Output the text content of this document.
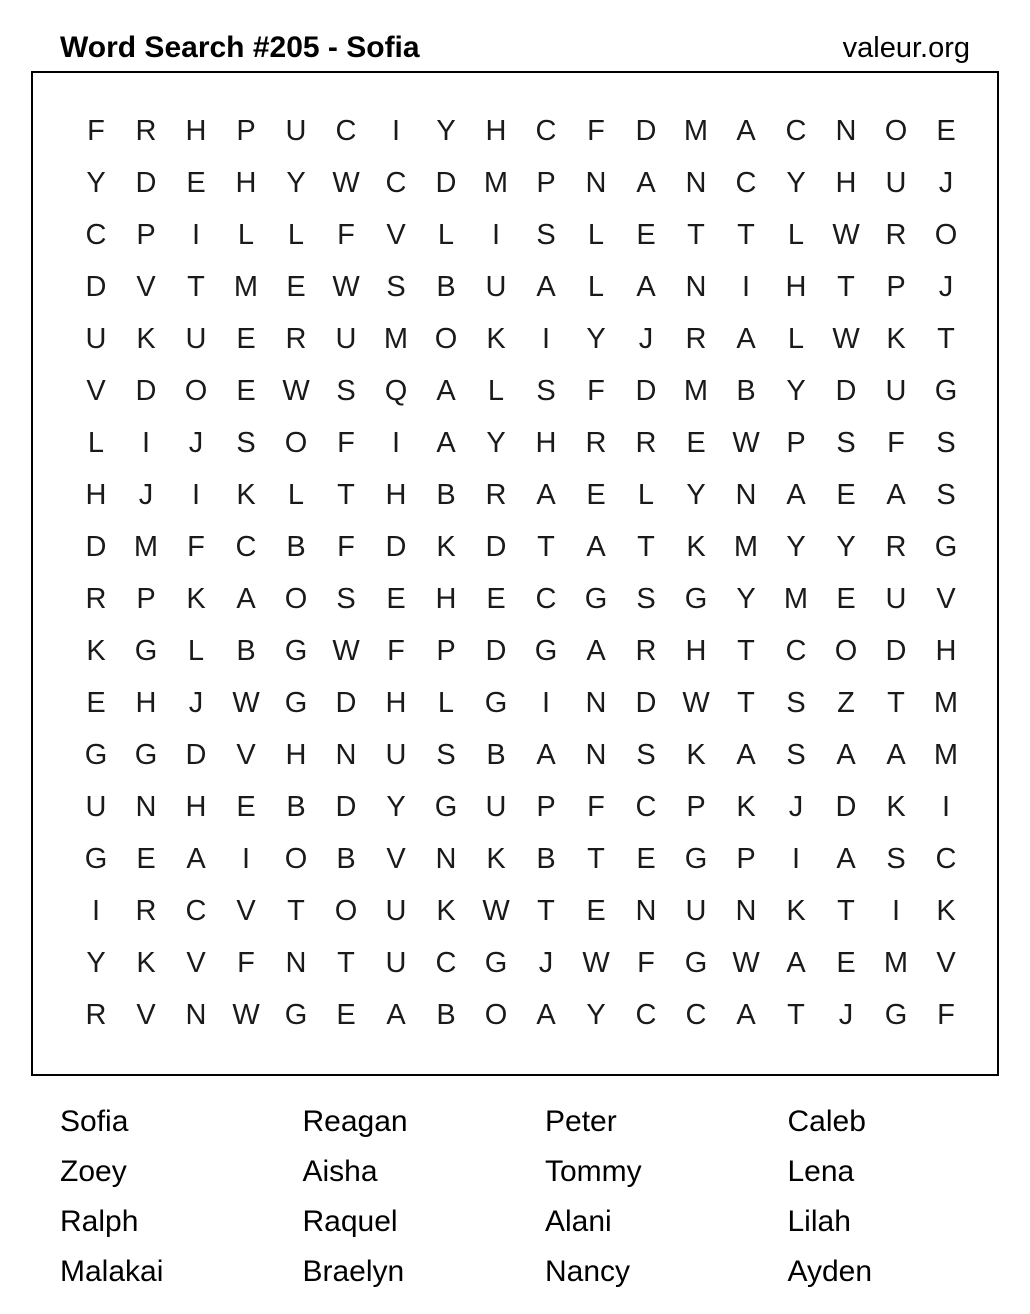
Word Search #205 - Sofia	valeur.org
F	R	H	P	U	C	I	Y	H	C	F	D M A	C	N O	E
Y	D	E	H	Y W C	D M P	N	A	N	C	Y	H	U	J
C	P	I	L	L	F	V	L	I	S	L	E	T	T	L W R O
D	V	T	M E W S	B	U	A	L	A	N	I	H	T	P	J
U	K	U	E	R	U M O	K	I	Y	J	R	A	L W K	T
V	D O	E W S	Q	A	L	S	F	D M B	Y	D	U G
L	I	J	S	O	F	I	A	Y	H	R	R	E W P	S	F	S
H	J	I	K	L	T	H	B	R	A	E	L	Y	N	A	E	A	S
D M	F	C	B	F	D	K	D	T	A	T	K M Y	Y	R G
R	P	K	A	O	S	E	H	E	C G	S	G	Y M E	U	V
K	G	L	B	G W F	P	D G	A	R	H	T	C O D	H
E	H	J	W G D	H	L	G	I	N	D W T	S	Z	T	M
G G D	V	H	N	U	S	B	A	N	S	K	A	S	A	A M
U	N	H	E	B	D	Y	G U	P	F	C	P	K	J	D	K	I
G	E	A	I	O	B	V	N	K	B	T	E	G	P	I	A	S	C
I	R	C	V	T	O U	K W T	E	N	U	N	K	T	I	K
Y	K	V	F	N	T	U	C G	J	W F	G W A	E M V
R	V	N W G	E	A	B	O	A	Y	C	C	A	T	J	G	F
Sofia	Reagan	Peter	Caleb
Zoey	Aisha	Tommy	Lena
Ralph	Raquel	Alani	Lilah
Malakai	Braelyn	Nancy	Ayden
